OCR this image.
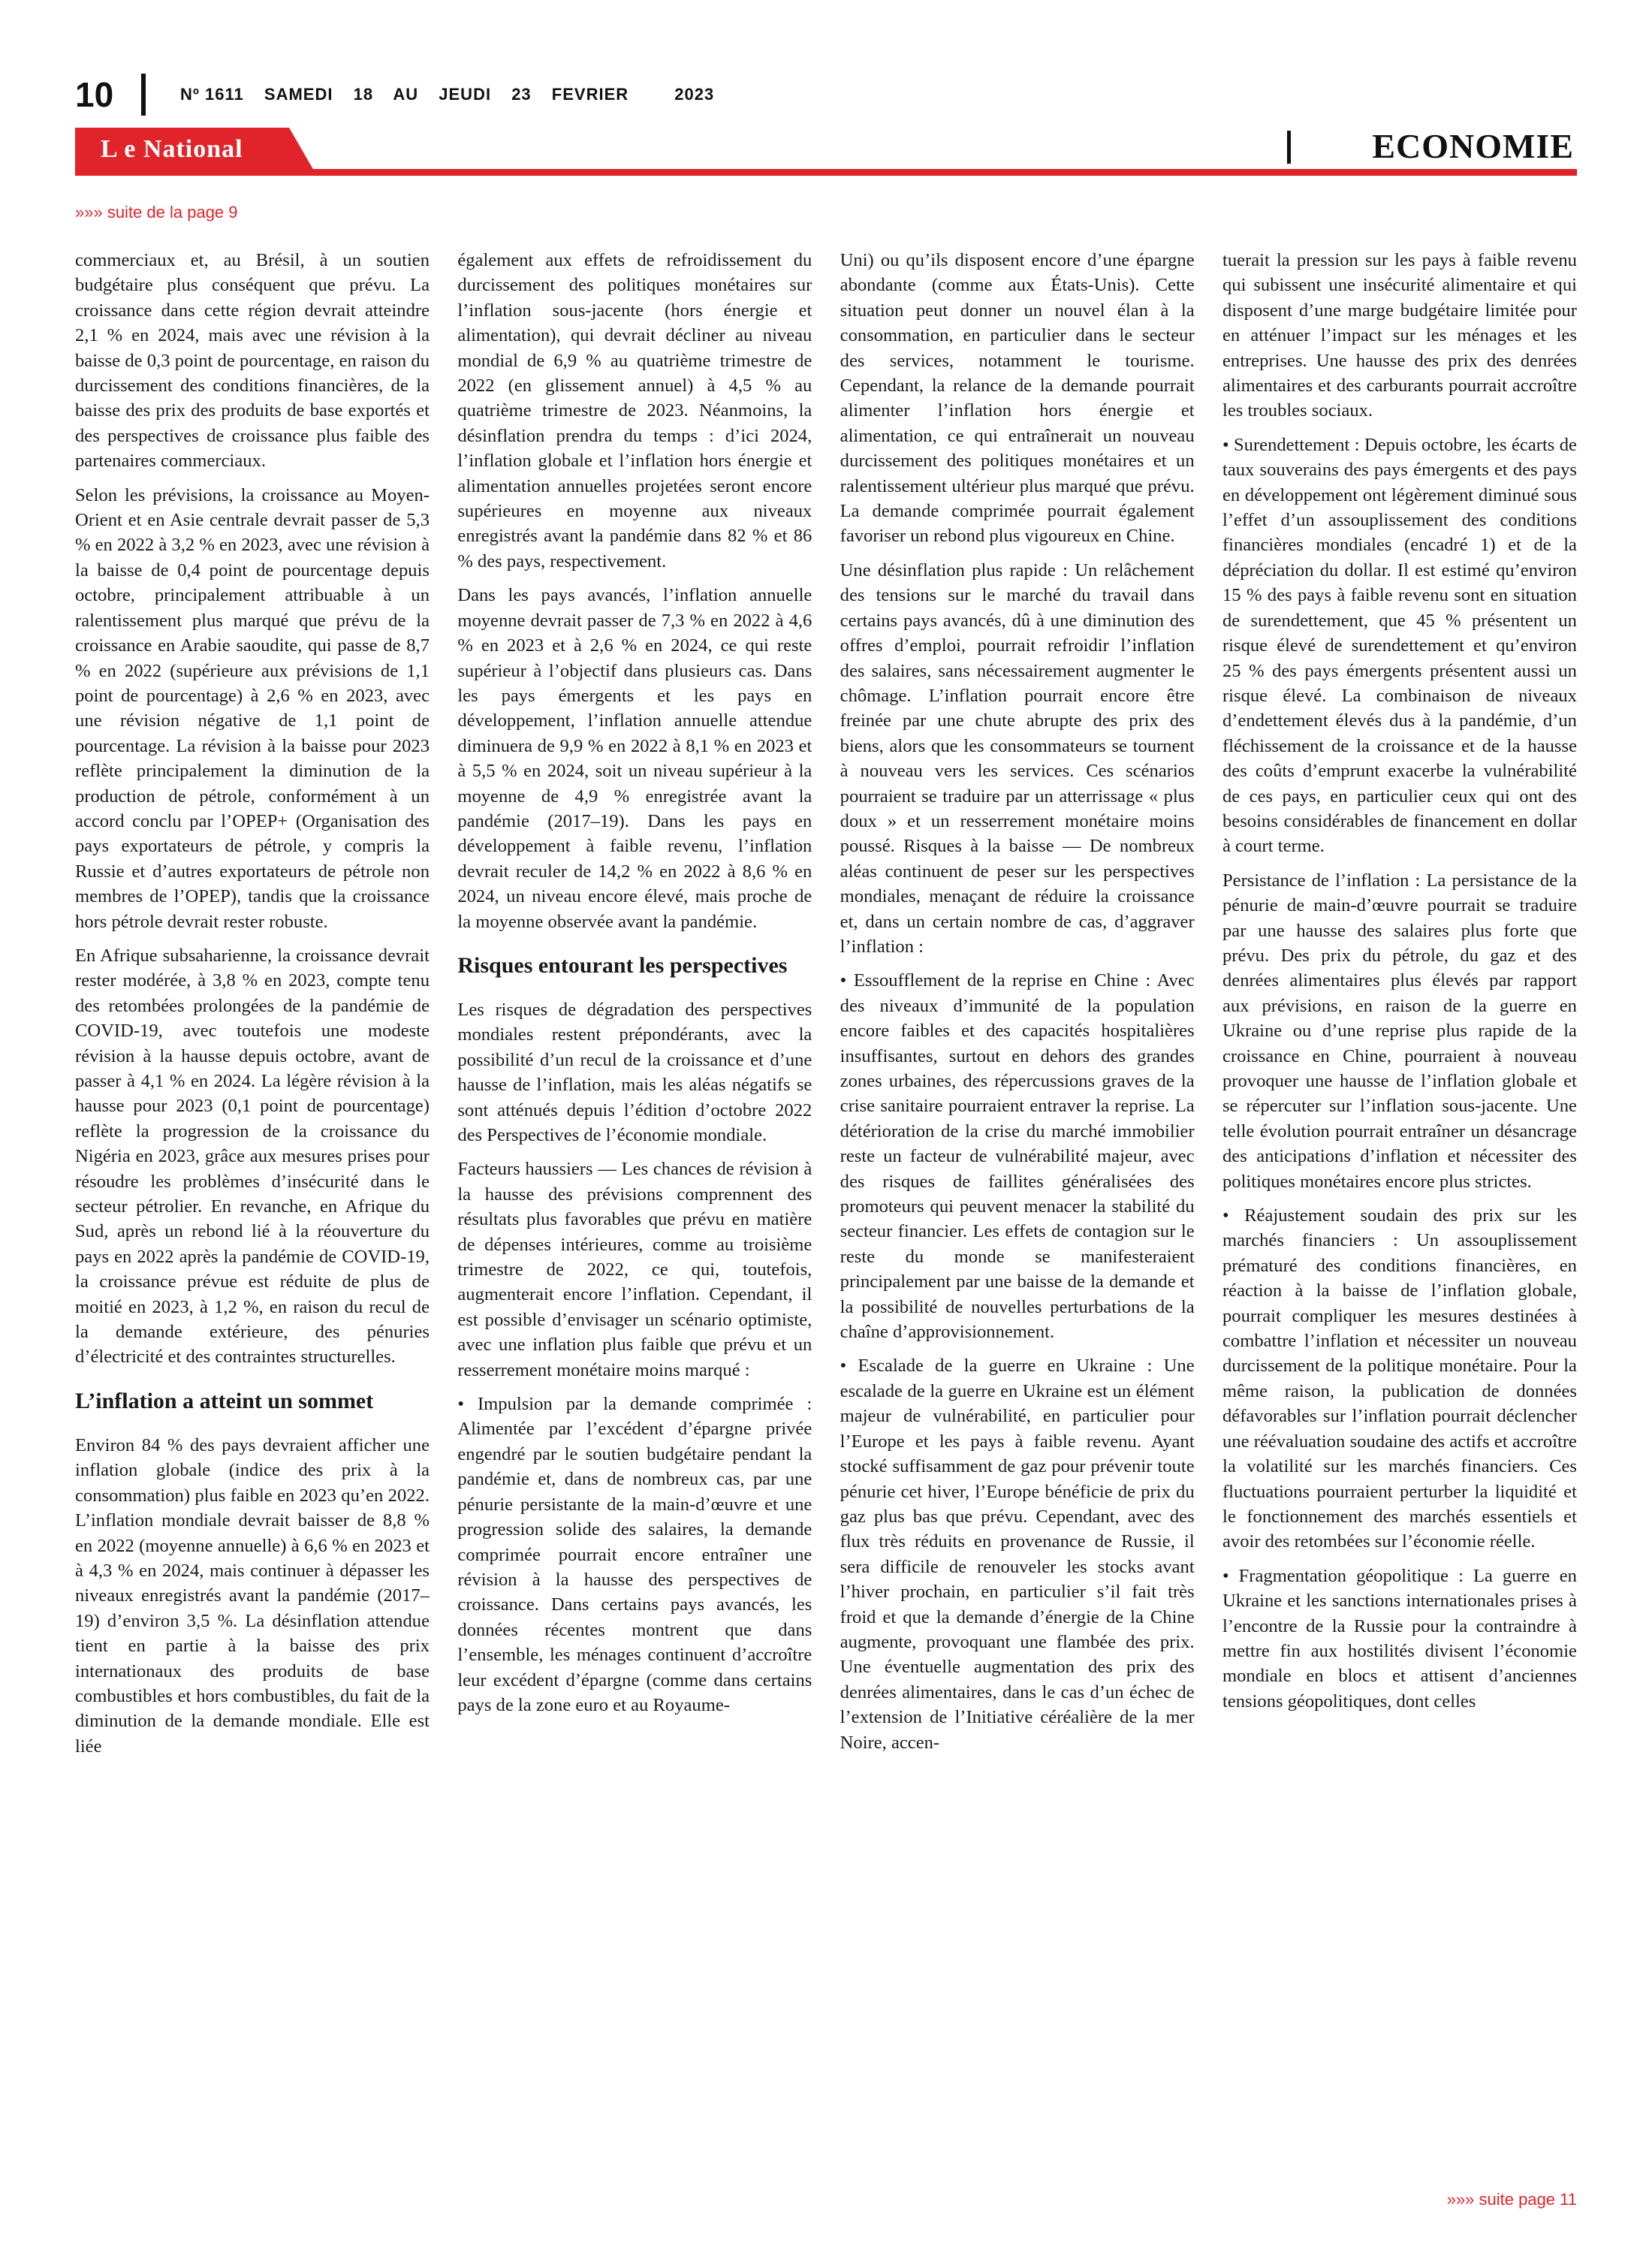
10	Nº 1611 SAMEDI 18 AU JEUDI 23 FEVRIER	2023
L e National	ECONOMIE
»»» suite de la page 9

commerciaux et, au Brésil, à un soutien budgétaire plus conséquent que prévu. La croissance dans cette région devrait atteindre 2,1 % en 2024, mais avec une révision à la baisse de 0,3 point de pourcentage, en raison du durcissement des conditions financières, de la baisse des prix des produits de base exportés et des perspectives de croissance plus faible des partenaires commerciaux.

Selon les prévisions, la croissance au Moyen-Orient et en Asie centrale devrait passer de 5,3 % en 2022 à 3,2 % en 2023, avec une révision à la baisse de 0,4 point de pourcentage depuis octobre, principalement attribuable à un ralentissement plus marqué que prévu de la croissance en Arabie saoudite, qui passe de 8,7 % en 2022 (supérieure aux prévisions de 1,1 point de pourcentage) à 2,6 % en 2023, avec une révision négative de 1,1 point de pourcentage. La révision à la baisse pour 2023 reflète principalement la diminution de la production de pétrole, conformément à un accord conclu par l’OPEP+ (Organisation des pays exportateurs de pétrole, y compris la Russie et d’autres exportateurs de pétrole non membres de l’OPEP), tandis que la croissance hors pétrole devrait rester robuste.

En Afrique subsaharienne, la croissance devrait rester modérée, à 3,8 % en 2023, compte tenu des retombées prolongées de la pandémie de COVID-19, avec toutefois une modeste révision à la hausse depuis octobre, avant de passer à 4,1 % en 2024. La légère révision à la hausse pour 2023 (0,1 point de pourcentage) reflète la progression de la croissance du Nigéria en 2023, grâce aux mesures prises pour résoudre les problèmes d’insécurité dans le secteur pétrolier. En revanche, en Afrique du Sud, après un rebond lié à la réouverture du pays en 2022 après la pandémie de COVID-19, la croissance prévue est réduite de plus de moitié en 2023, à 1,2 %, en raison du recul de la demande extérieure, des pénuries d’électricité et des contraintes structurelles.

L’inflation a atteint un sommet

Environ 84 % des pays devraient afficher une inflation globale (indice des prix à la consommation) plus faible en 2023 qu’en 2022. L’inflation mondiale devrait baisser de 8,8 % en 2022 (moyenne annuelle) à 6,6 % en 2023 et à 4,3 % en 2024, mais continuer à dépasser les niveaux enregistrés avant la pandémie (2017–19) d’environ 3,5 %. La désinflation attendue tient en partie à la baisse des prix internationaux des produits de base combustibles et hors combustibles, du fait de la diminution de la demande mondiale. Elle est liée

également aux effets de refroidissement du durcissement des politiques monétaires sur l’inflation sous-jacente (hors énergie et alimentation), qui devrait décliner au niveau mondial de 6,9 % au quatrième trimestre de 2022 (en glissement annuel) à 4,5 % au quatrième trimestre de 2023. Néanmoins, la désinflation prendra du temps : d’ici 2024, l’inflation globale et l’inflation hors énergie et alimentation annuelles projetées seront encore supérieures en moyenne aux niveaux enregistrés avant la pandémie dans 82 % et 86 % des pays, respectivement.

Dans les pays avancés, l’inflation annuelle moyenne devrait passer de 7,3 % en 2022 à 4,6 % en 2023 et à 2,6 % en 2024, ce qui reste supérieur à l’objectif dans plusieurs cas. Dans les pays émergents et les pays en développement, l’inflation annuelle attendue diminuera de 9,9 % en 2022 à 8,1 % en 2023 et à 5,5 % en 2024, soit un niveau supérieur à la moyenne de 4,9 % enregistrée avant la pandémie (2017–19). Dans les pays en développement à faible revenu, l’inflation devrait reculer de 14,2 % en 2022 à 8,6 % en 2024, un niveau encore élevé, mais proche de la moyenne observée avant la pandémie.

Risques entourant les perspectives

Les risques de dégradation des perspectives mondiales restent prépondérants, avec la possibilité d’un recul de la croissance et d’une hausse de l’inflation, mais les aléas négatifs se sont atténués depuis l’édition d’octobre 2022 des Perspectives de l’économie mondiale.

Facteurs haussiers — Les chances de révision à la hausse des prévisions comprennent des résultats plus favorables que prévu en matière de dépenses intérieures, comme au troisième trimestre de 2022, ce qui, toutefois, augmenterait encore l’inflation. Cependant, il est possible d’envisager un scénario optimiste, avec une inflation plus faible que prévu et un resserrement monétaire moins marqué :

• Impulsion par la demande comprimée : Alimentée par l’excédent d’épargne privée engendré par le soutien budgétaire pendant la pandémie et, dans de nombreux cas, par une pénurie persistante de la main-d’œuvre et une progression solide des salaires, la demande comprimée pourrait encore entraîner une révision à la hausse des perspectives de croissance. Dans certains pays avancés, les données récentes montrent que dans l’ensemble, les ménages continuent d’accroître leur excédent d’épargne (comme dans certains pays de la zone euro et au Royaume-

Uni) ou qu’ils disposent encore d’une épargne abondante (comme aux États-Unis). Cette situation peut donner un nouvel élan à la consommation, en particulier dans le secteur des services, notamment le tourisme. Cependant, la relance de la demande pourrait alimenter l’inflation hors énergie et alimentation, ce qui entraînerait un nouveau durcissement des politiques monétaires et un ralentissement ultérieur plus marqué que prévu. La demande comprimée pourrait également favoriser un rebond plus vigoureux en Chine.

Une désinflation plus rapide : Un relâchement des tensions sur le marché du travail dans certains pays avancés, dû à une diminution des offres d’emploi, pourrait refroidir l’inflation des salaires, sans nécessairement augmenter le chômage. L’inflation pourrait encore être freinée par une chute abrupte des prix des biens, alors que les consommateurs se tournent à nouveau vers les services. Ces scénarios pourraient se traduire par un atterrissage « plus doux » et un resserrement monétaire moins poussé. Risques à la baisse — De nombreux aléas continuent de peser sur les perspectives mondiales, menaçant de réduire la croissance et, dans un certain nombre de cas, d’aggraver l’inflation :

• Essoufflement de la reprise en Chine : Avec des niveaux d’immunité de la population encore faibles et des capacités hospitalières insuffisantes, surtout en dehors des grandes zones urbaines, des répercussions graves de la crise sanitaire pourraient entraver la reprise. La détérioration de la crise du marché immobilier reste un facteur de vulnérabilité majeur, avec des risques de faillites généralisées des promoteurs qui peuvent menacer la stabilité du secteur financier. Les effets de contagion sur le reste du monde se manifesteraient principalement par une baisse de la demande et la possibilité de nouvelles perturbations de la chaîne d’approvisionnement.

• Escalade de la guerre en Ukraine : Une escalade de la guerre en Ukraine est un élément majeur de vulnérabilité, en particulier pour l’Europe et les pays à faible revenu. Ayant stocké suffisamment de gaz pour prévenir toute pénurie cet hiver, l’Europe bénéficie de prix du gaz plus bas que prévu. Cependant, avec des flux très réduits en provenance de Russie, il sera difficile de renouveler les stocks avant l’hiver prochain, en particulier s’il fait très froid et que la demande d’énergie de la Chine augmente, provoquant une flambée des prix. Une éventuelle augmentation des prix des denrées alimentaires, dans le cas d’un échec de l’extension de l’Initiative céréalière de la mer Noire, accen-

tuerait la pression sur les pays à faible revenu qui subissent une insécurité alimentaire et qui disposent d’une marge budgétaire limitée pour en atténuer l’impact sur les ménages et les entreprises. Une hausse des prix des denrées alimentaires et des carburants pourrait accroître les troubles sociaux.

• Surendettement : Depuis octobre, les écarts de taux souverains des pays émergents et des pays en développement ont légèrement diminué sous l’effet d’un assouplissement des conditions financières mondiales (encadré 1) et de la dépréciation du dollar. Il est estimé qu’environ 15 % des pays à faible revenu sont en situation de surendettement, que 45 % présentent un risque élevé de surendettement et qu’environ 25 % des pays émergents présentent aussi un risque élevé. La combinaison de niveaux d’endettement élevés dus à la pandémie, d’un fléchissement de la croissance et de la hausse des coûts d’emprunt exacerbe la vulnérabilité de ces pays, en particulier ceux qui ont des besoins considérables de financement en dollar à court terme.

Persistance de l’inflation : La persistance de la pénurie de main-d’œuvre pourrait se traduire par une hausse des salaires plus forte que prévu. Des prix du pétrole, du gaz et des denrées alimentaires plus élevés par rapport aux prévisions, en raison de la guerre en Ukraine ou d’une reprise plus rapide de la croissance en Chine, pourraient à nouveau provoquer une hausse de l’inflation globale et se répercuter sur l’inflation sous-jacente. Une telle évolution pourrait entraîner un désancrage des anticipations d’inflation et nécessiter des politiques monétaires encore plus strictes.

• Réajustement soudain des prix sur les marchés financiers : Un assouplissement prématuré des conditions financières, en réaction à la baisse de l’inflation globale, pourrait compliquer les mesures destinées à combattre l’inflation et nécessiter un nouveau durcissement de la politique monétaire. Pour la même raison, la publication de données défavorables sur l’inflation pourrait déclencher une réévaluation soudaine des actifs et accroître la volatilité sur les marchés financiers. Ces fluctuations pourraient perturber la liquidité et le fonctionnement des marchés essentiels et avoir des retombées sur l’économie réelle.

• Fragmentation géopolitique : La guerre en Ukraine et les sanctions internationales prises à l’encontre de la Russie pour la contraindre à mettre fin aux hostilités divisent l’économie mondiale en blocs et attisent d’anciennes tensions géopolitiques, dont celles

»»» suite page 11
